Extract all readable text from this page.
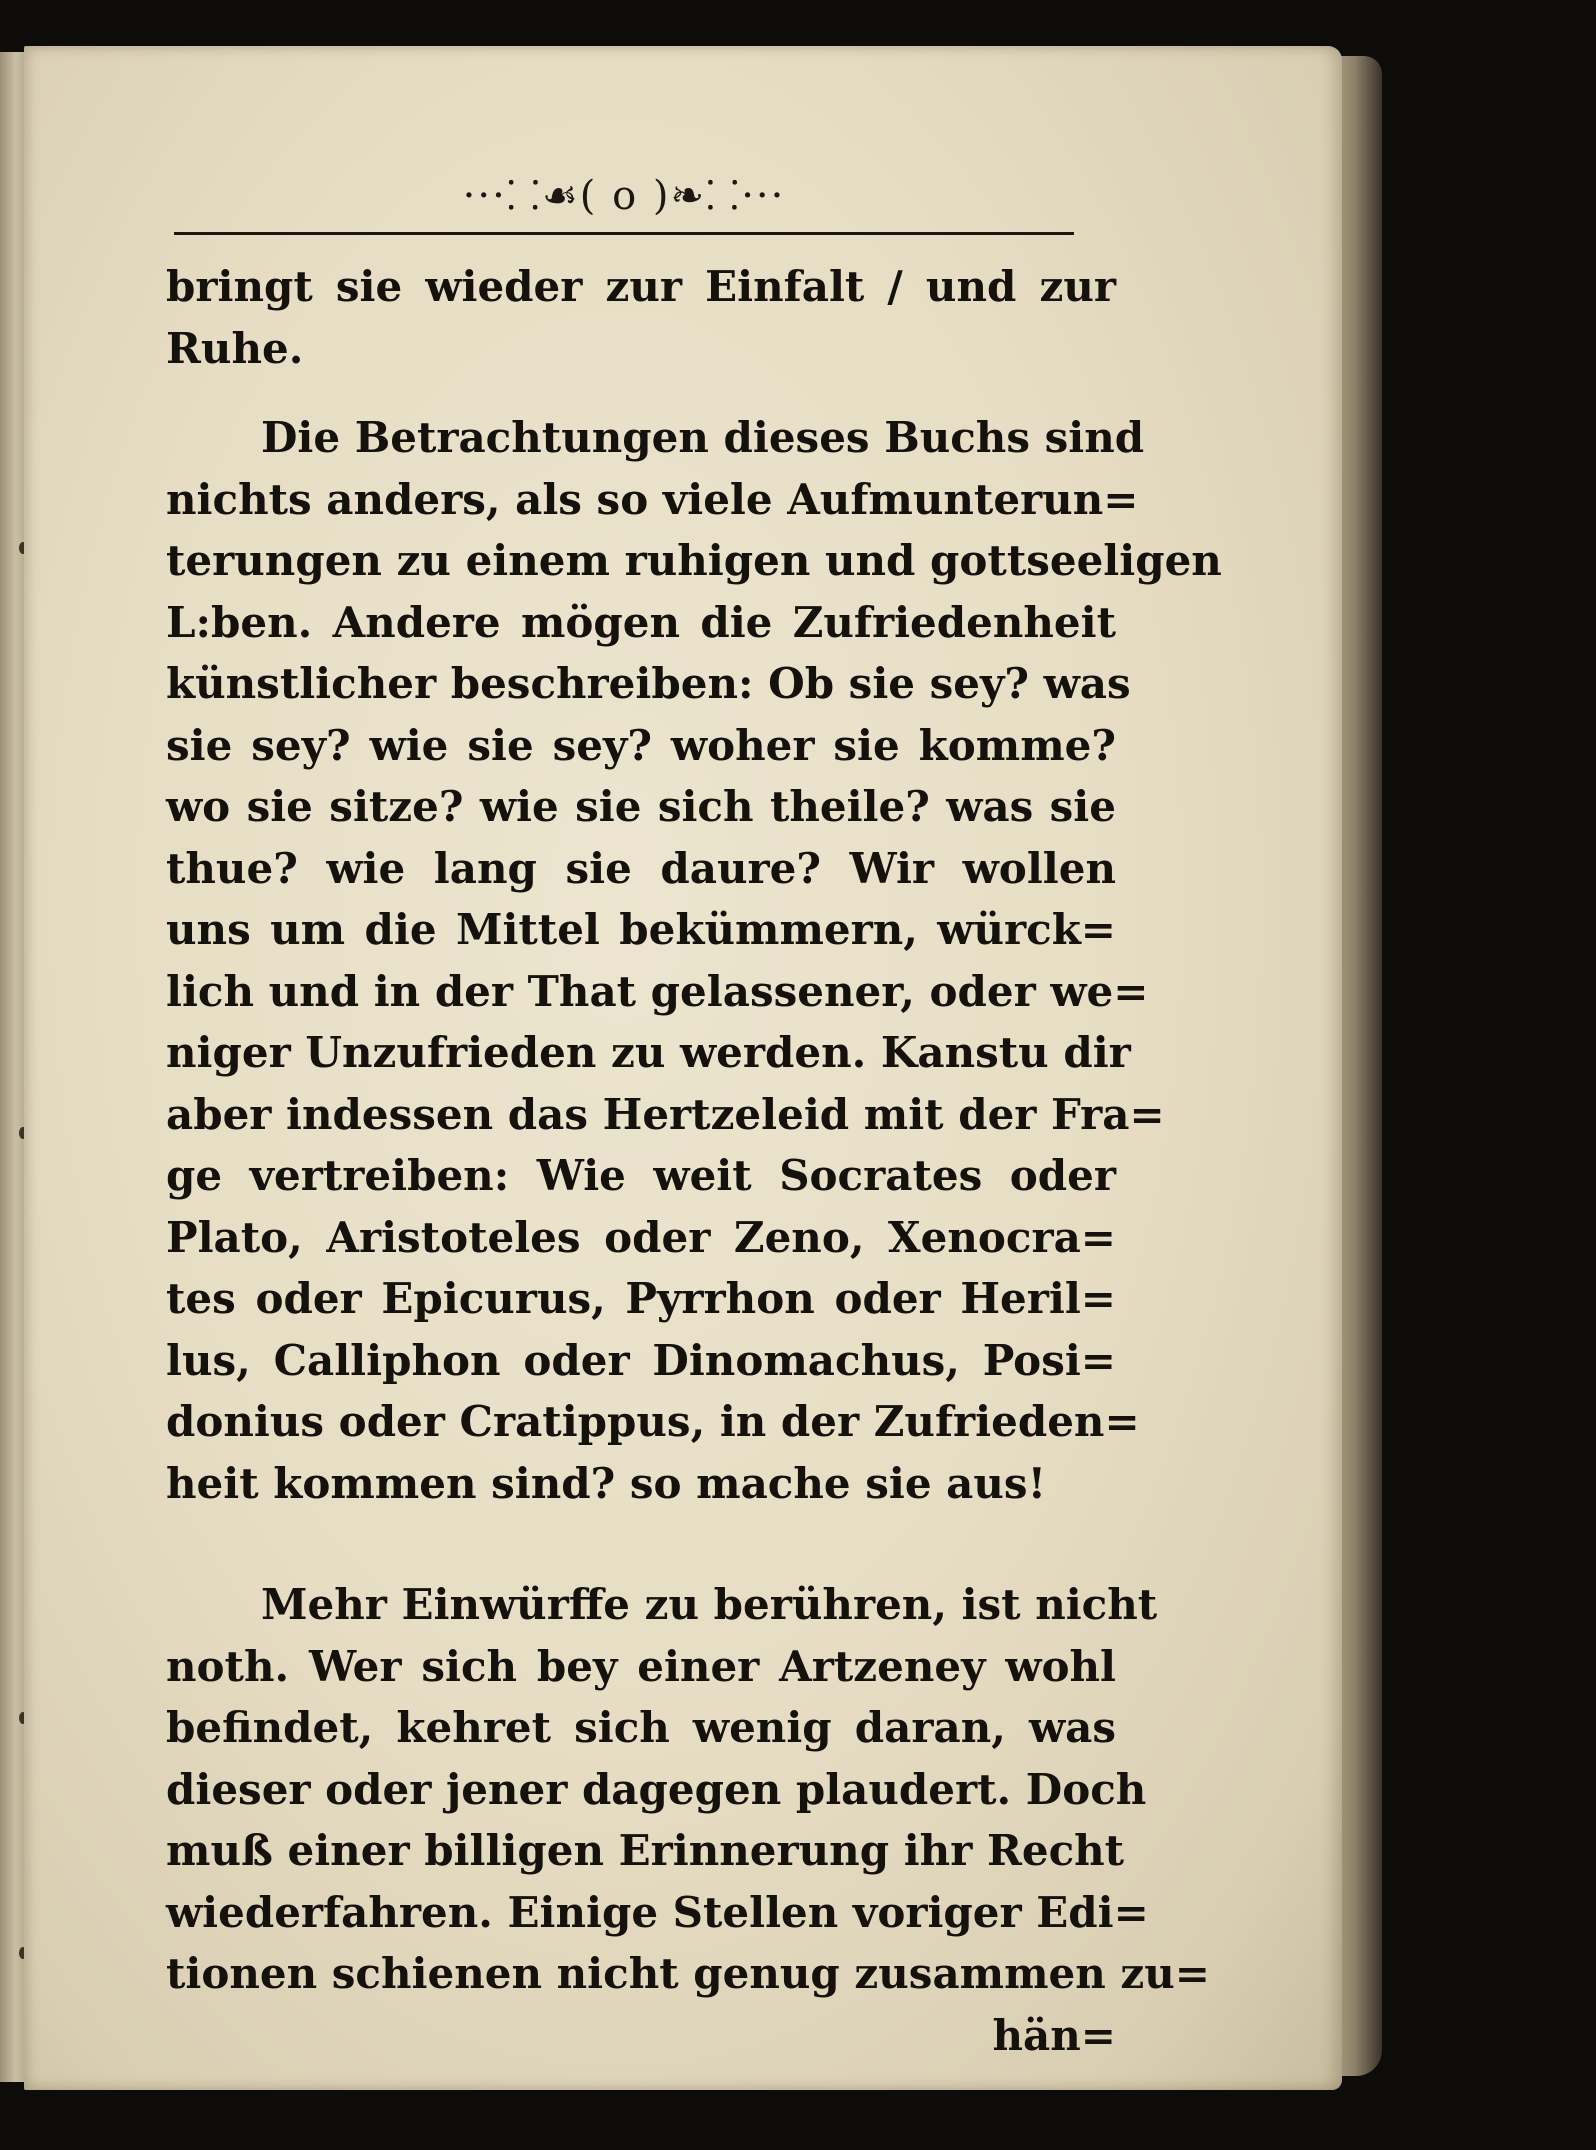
···⸬☙( o )❧⸬···
bringt sie wieder zur Einfalt / und zur
Ruhe.
Die Betrachtungen dieses Buchs sind
nichts anders, als so viele Aufmunterun=
terungen zu einem ruhigen und gottseeligen
L:ben. Andere mögen die Zufriedenheit
künstlicher beschreiben: Ob sie sey? was
sie sey? wie sie sey? woher sie komme?
wo sie sitze? wie sie sich theile? was sie
thue? wie lang sie daure? Wir wollen
uns um die Mittel bekümmern, würck=
lich und in der That gelassener, oder we=
niger Unzufrieden zu werden. Kanstu dir
aber indessen das Hertzeleid mit der Fra=
ge vertreiben: Wie weit Socrates oder
Plato, Aristoteles oder Zeno, Xenocra=
tes oder Epicurus, Pyrrhon oder Heril=
lus, Calliphon oder Dinomachus, Posi=
donius oder Cratippus, in der Zufrieden=
heit kommen sind? so mache sie aus!
Mehr Einwürffe zu berühren, ist nicht
noth. Wer sich bey einer Artzeney wohl
befindet, kehret sich wenig daran, was
dieser oder jener dagegen plaudert. Doch
muß einer billigen Erinnerung ihr Recht
wiederfahren. Einige Stellen voriger Edi=
tionen schienen nicht genug zusammen zu=
hän=
